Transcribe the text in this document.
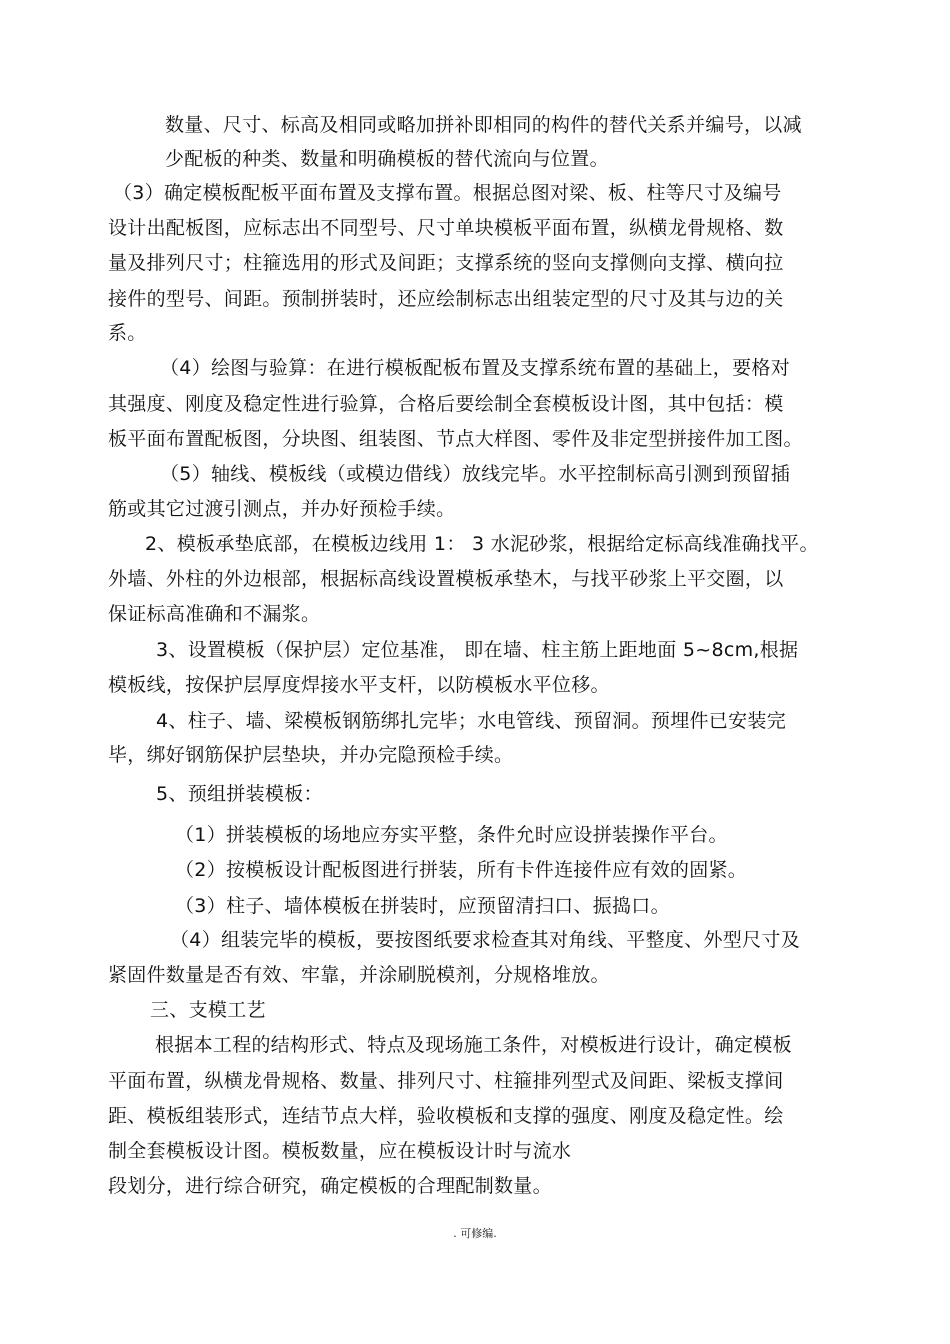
数量、尺寸、标高及相同或略加拼补即相同的构件的替代关系并编号，以减
少配板的种类、数量和明确模板的替代流向与位置。
（3）确定模板配板平面布置及支撑布置。根据总图对梁、板、柱等尺寸及编号
设计出配板图，应标志出不同型号、尺寸单块模板平面布置，纵横龙骨规格、数
量及排列尺寸；柱箍选用的形式及间距；支撑系统的竖向支撑侧向支撑、横向拉
接件的型号、间距。预制拼装时，还应绘制标志出组装定型的尺寸及其与边的关
系。
（4）绘图与验算：在进行模板配板布置及支撑系统布置的基础上，要格对
其强度、刚度及稳定性进行验算，合格后要绘制全套模板设计图，其中包括：模
板平面布置配板图，分块图、组装图、节点大样图、零件及非定型拼接件加工图。
（5）轴线、模板线（或模边借线）放线完毕。水平控制标高引测到预留插
筋或其它过渡引测点，并办好预检手续。
2、模板承垫底部，在模板边线用 1： 3 水泥砂浆，根据给定标高线准确找平。
外墙、外柱的外边根部，根据标高线设置模板承垫木，与找平砂浆上平交圈，以
保证标高准确和不漏浆。
3、设置模板（保护层）定位基准， 即在墙、柱主筋上距地面 5~8cm,根据
模板线，按保护层厚度焊接水平支杆，以防模板水平位移。
4、柱子、墙、梁模板钢筋绑扎完毕；水电管线、预留洞。预埋件已安装完
毕，绑好钢筋保护层垫块，并办完隐预检手续。
5、预组拼装模板：
（1）拼装模板的场地应夯实平整，条件允时应设拼装操作平台。
（2）按模板设计配板图进行拼装，所有卡件连接件应有效的固紧。
（3）柱子、墙体模板在拼装时，应预留清扫口、振捣口。
（4）组装完毕的模板，要按图纸要求检查其对角线、平整度、外型尺寸及
紧固件数量是否有效、牢靠，并涂刷脱模剂，分规格堆放。
三、支模工艺
根据本工程的结构形式、特点及现场施工条件，对模板进行设计，确定模板
平面布置，纵横龙骨规格、数量、排列尺寸、柱箍排列型式及间距、梁板支撑间
距、模板组装形式，连结节点大样，验收模板和支撑的强度、刚度及稳定性。绘
制全套模板设计图。模板数量，应在模板设计时与流水
段划分，进行综合研究，确定模板的合理配制数量。
. 可修编.
